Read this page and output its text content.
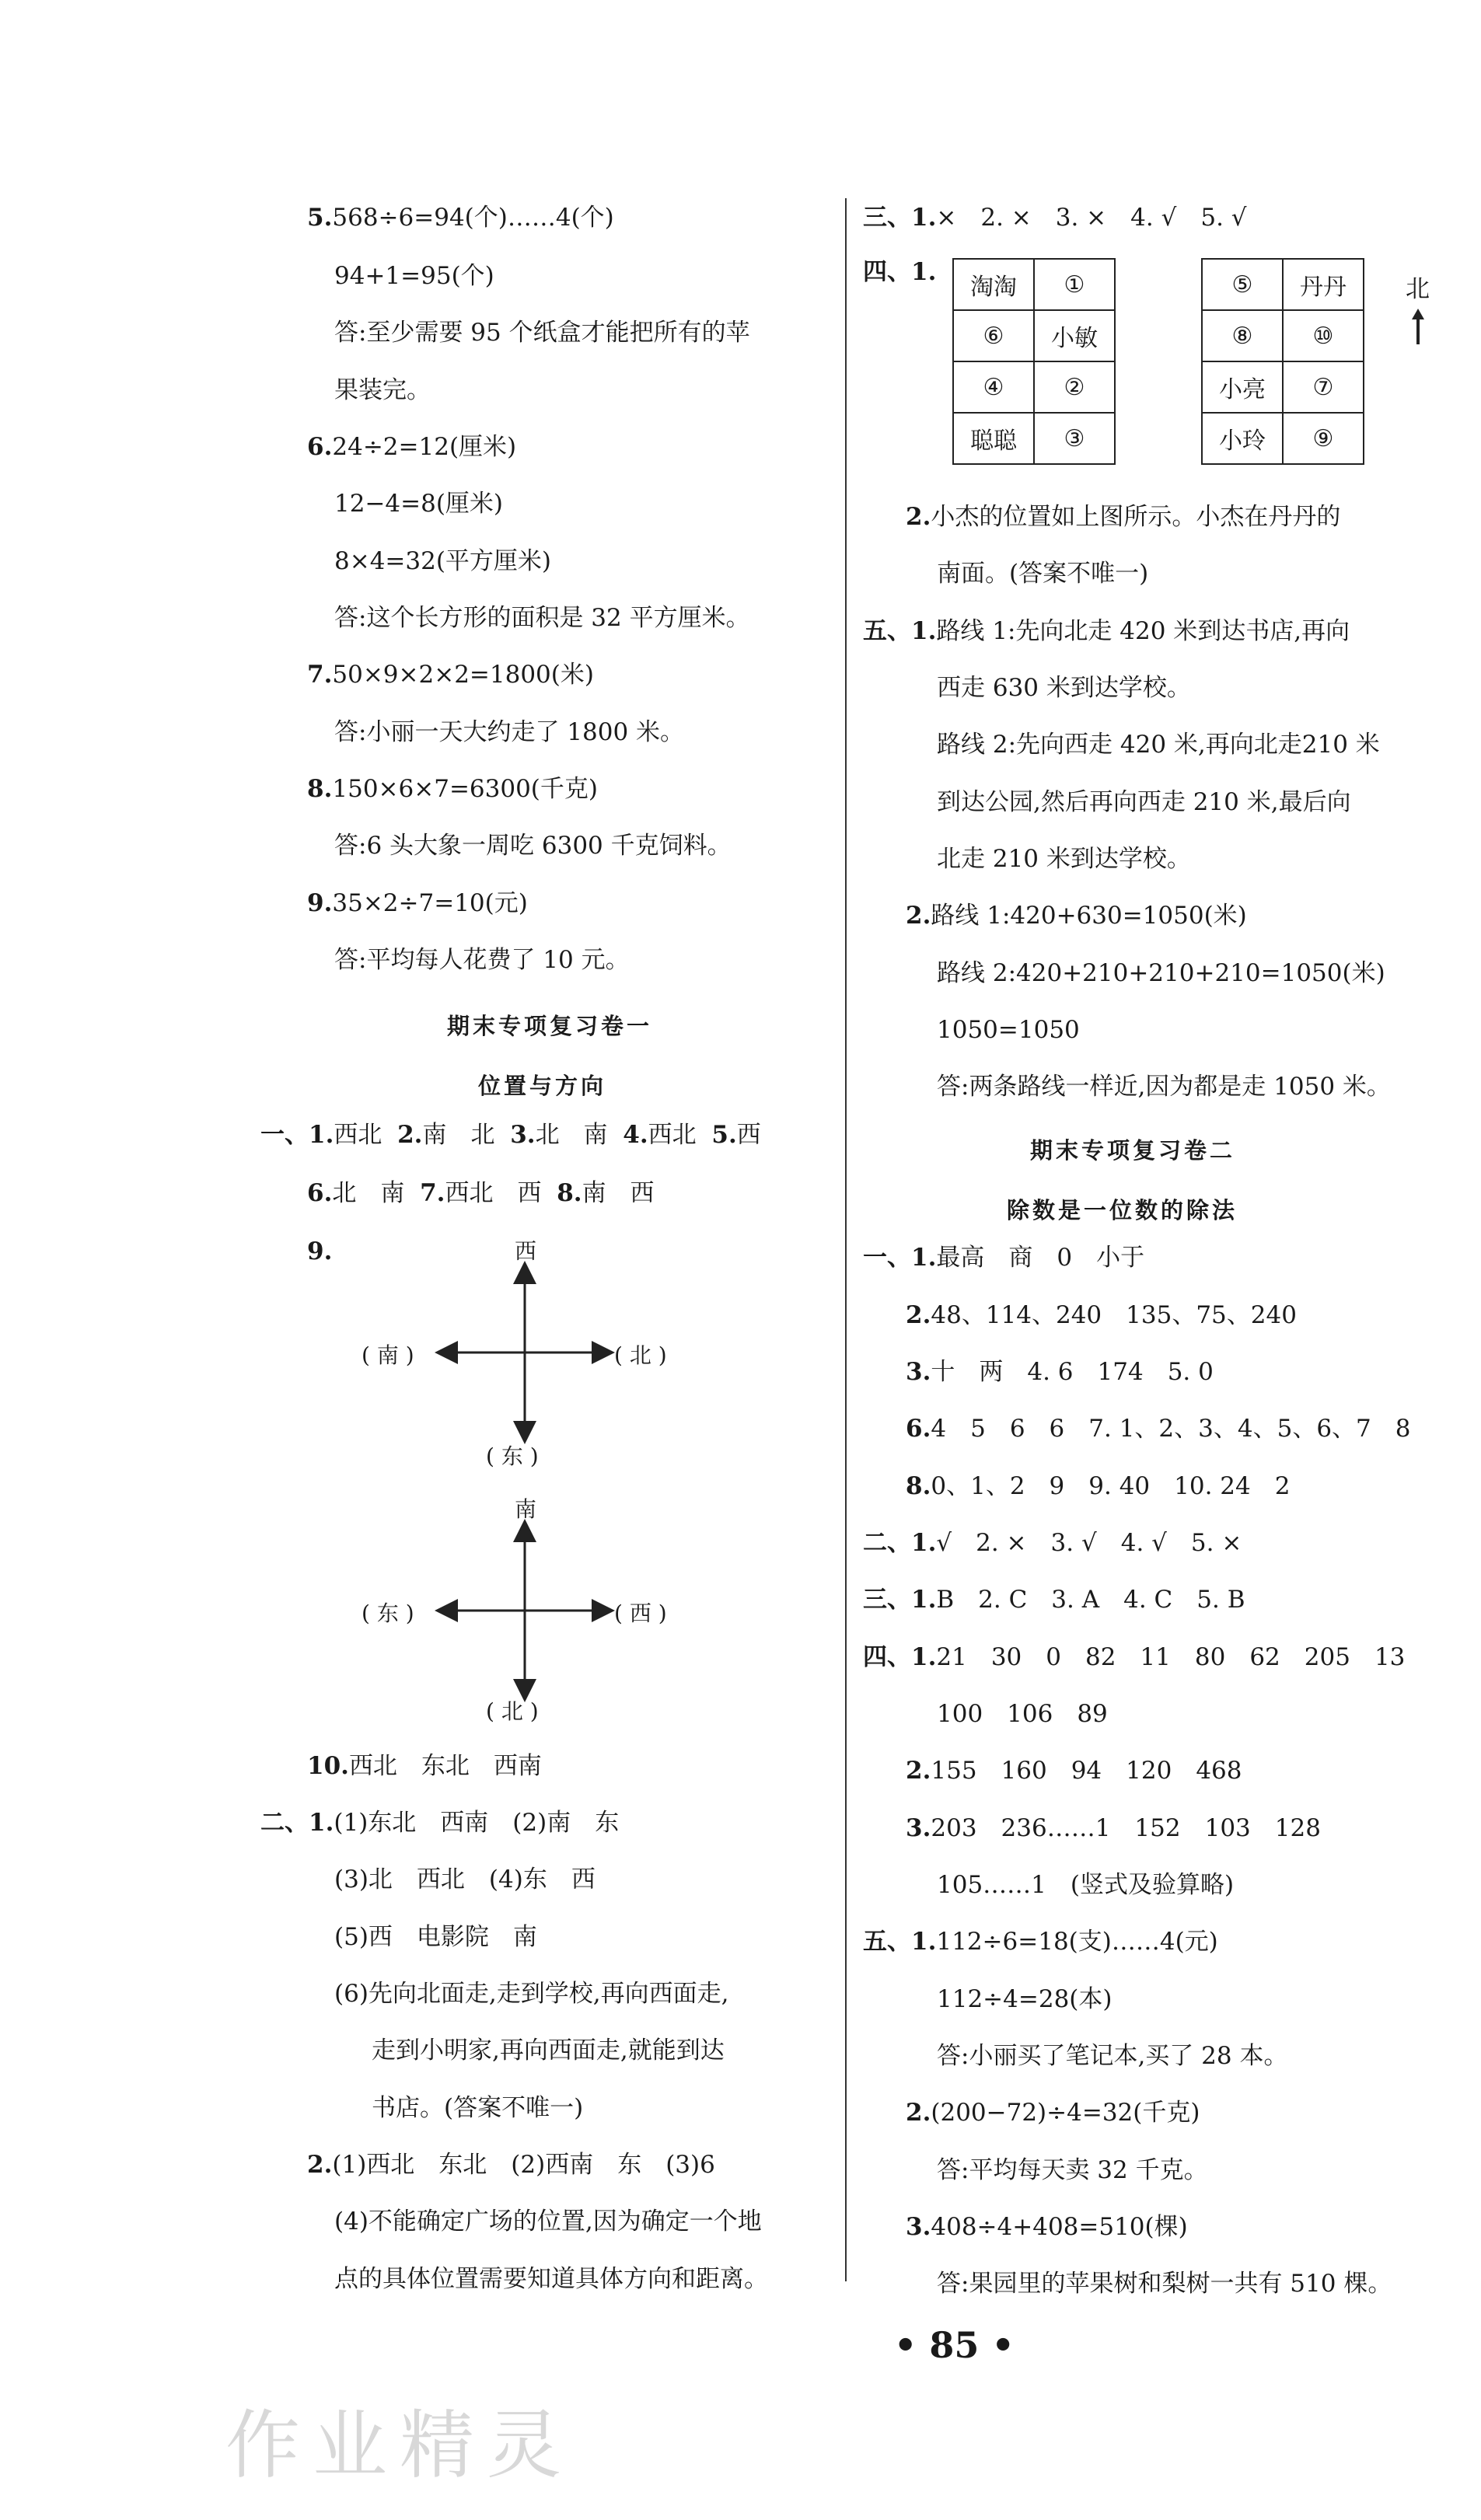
5.568÷6=94(个)……4(个)
94+1=95(个)
答:至少需要 95 个纸盒才能把所有的苹
果装完。
6.24÷2=12(厘米)
12−4=8(厘米)
8×4=32(平方厘米)
答:这个长方形的面积是 32 平方厘米。
7.50×9×2×2=1800(米)
答:小丽一天大约走了 1800 米。
8.150×6×7=6300(千克)
答:6 头大象一周吃 6300 千克饲料。
9.35×2÷7=10(元)
答:平均每人花费了 10 元。
期末专项复习卷一
位置与方向
一、1.西北 2.南　北 3.北　南 4.西北 5.西
6.北　南 7.西北　西 8.南　西
9.	西
( 南 )	( 北 )
( 东 )
南
( 东 )	( 西 )
( 北 )
10.西北　东北　西南
二、1.(1)东北　西南　(2)南　东
(3)北　西北　(4)东　西
(5)西　电影院　南
(6)先向北面走,走到学校,再向西面走,
走到小明家,再向西面走,就能到达
书店。(答案不唯一)
2.(1)西北　东北　(2)西南　东　(3)6
(4)不能确定广场的位置,因为确定一个地
点的具体位置需要知道具体方向和距离。
三、1.×　2. ×　3. ×　4. √　5. √
四、1.
淘淘	①
⑥	小敏
④	②
聪聪	③
⑤	丹丹
⑧	⑩
小亮	⑦
小玲	⑨
北
2.小杰的位置如上图所示。小杰在丹丹的
南面。(答案不唯一)
五、1.路线 1:先向北走 420 米到达书店,再向
西走 630 米到达学校。
路线 2:先向西走 420 米,再向北走210 米
到达公园,然后再向西走 210 米,最后向
北走 210 米到达学校。
2.路线 1:420+630=1050(米)
路线 2:420+210+210+210=1050(米)
1050=1050
答:两条路线一样近,因为都是走 1050 米。
期末专项复习卷二
除数是一位数的除法
一、1.最高　商　0　小于
2.48、114、240　135、75、240
3.十　两　4. 6　174　5. 0
6.4　5　6　6　7. 1、2、3、4、5、6、7　8
8.0、1、2　9　9. 40　10. 24　2
二、1.√　2. ×　3. √　4. √　5. ×
三、1.B　2. C　3. A　4. C　5. B
四、1.21　30　0　82　11　80　62　205　13
100　106　89
2.155　160　94　120　468
3.203　236……1　152　103　128
105……1　(竖式及验算略)
五、1.112÷6=18(支)……4(元)
112÷4=28(本)
答:小丽买了笔记本,买了 28 本。
2.(200−72)÷4=32(千克)
答:平均每天卖 32 千克。
3.408÷4+408=510(棵)
答:果园里的苹果树和梨树一共有 510 棵。
• 85 •
作业精灵
